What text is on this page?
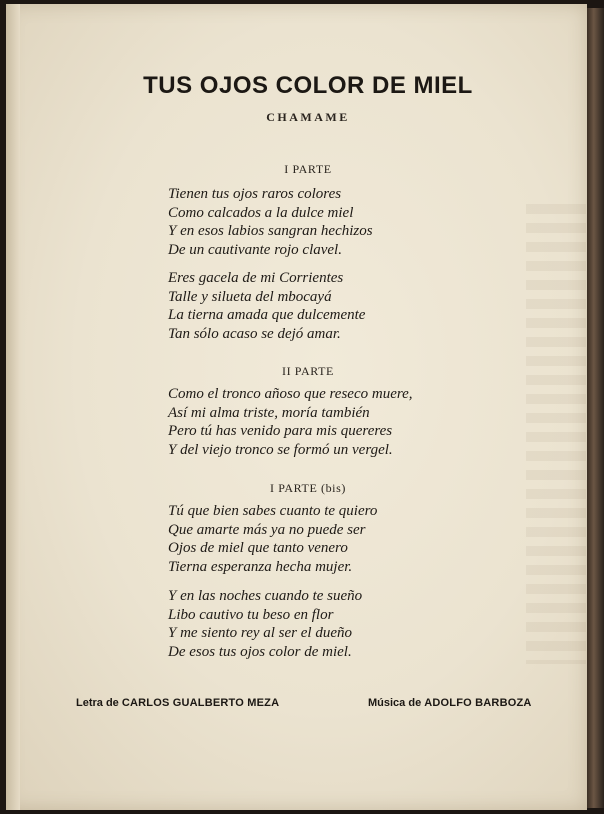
TUS OJOS COLOR DE MIEL
CHAMAME
I PARTE
Tienen tus ojos raros colores
Como calcados a la dulce miel
Y en esos labios sangran hechizos
De un cautivante rojo clavel.
Eres gacela de mi Corrientes
Talle y silueta del mbocayá
La tierna amada que dulcemente
Tan sólo acaso se dejó amar.
II PARTE
Como el tronco añoso que reseco muere,
Así mi alma triste, moría también
Pero tú has venido para mis quereres
Y del viejo tronco se formó un vergel.
I PARTE (bis)
Tú que bien sabes cuanto te quiero
Que amarte más ya no puede ser
Ojos de miel que tanto venero
Tierna esperanza hecha mujer.
Y en las noches cuando te sueño
Libo cautivo tu beso en flor
Y me siento rey al ser el dueño
De esos tus ojos color de miel.
Letra de CARLOS GUALBERTO MEZA	Música de ADOLFO BARBOZA
